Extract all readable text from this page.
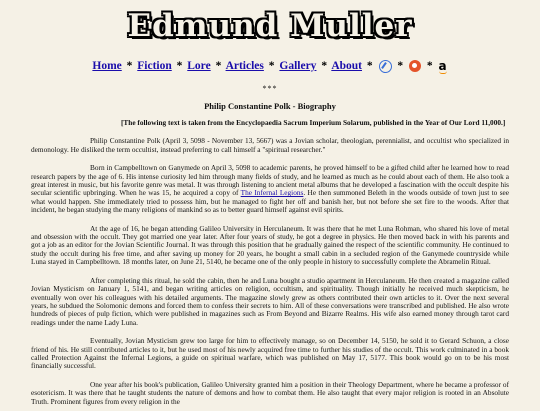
Edmund Muller
Home * Fiction * Lore * Articles * Gallery * About * * * a
***
Philip Constantine Polk - Biography
[The following text is taken from the Encyclopaedia Sacrum Imperium Solarum, published in the Year of Our Lord 11,000.]

Philip Constantine Polk (April 3, 5098 - November 13, 5667) was a Jovian scholar, theologian, perennialist, and occultist who specialized in demonology. He disliked the term occultist, instead preferring to call himself a "spiritual researcher."

Born in Campbelltown on Ganymede on April 3, 5098 to academic parents, he proved himself to be a gifted child after he learned how to read research papers by the age of 6. His intense curiosity led him through many fields of study, and he learned as much as he could about each of them. He also took a great interest in music, but his favorite genre was metal. It was through listening to ancient metal albums that he developed a fascination with the occult despite his secular scientific upbringing. When he was 15, he acquired a copy of The Infernal Legions. He then summoned Beleth in the woods outside of town just to see what would happen. She immediately tried to possess him, but he managed to fight her off and banish her, but not before she set fire to the woods. After that incident, he began studying the many religions of mankind so as to better guard himself against evil spirits.

At the age of 16, he began attending Galileo University in Herculaneum. It was there that he met Luna Rohman, who shared his love of metal and obsession with the occult. They got married one year later. After four years of study, he got a degree in physics. He then moved back in with his parents and got a job as an editor for the Jovian Scientific Journal. It was through this position that he gradually gained the respect of the scientific community. He continued to study the occult during his free time, and after saving up money for 20 years, he bought a small cabin in a secluded region of the Ganymede countryside while Luna stayed in Campbelltown. 18 months later, on June 21, 5140, he became one of the only people in history to successfully complete the Abramelin Ritual.

After completing this ritual, he sold the cabin, then he and Luna bought a studio apartment in Herculaneum. He then created a magazine called Jovian Mysticism on January 1, 5141, and began writing articles on religion, occultism, and spirituality. Though initially he received much skepticism, he eventually won over his colleagues with his detailed arguments. The magazine slowly grew as others contributed their own articles to it. Over the next several years, he subdued the Solomonic demons and forced them to confess their secrets to him. All of these conversations were transcribed and published. He also wrote hundreds of pieces of pulp fiction, which were published in magazines such as From Beyond and Bizarre Realms. His wife also earned money through tarot card readings under the name Lady Luna.

Eventually, Jovian Mysticism grew too large for him to effectively manage, so on December 14, 5150, he sold it to Gerard Schuon, a close friend of his. He still contributed articles to it, but he used most of his newly acquired free time to further his studies of the occult. This work culminated in a book called Protection Against the Infernal Legions, a guide on spiritual warfare, which was published on May 17, 5177. This book would go on to be his most financially successful.

One year after his book's publication, Galileo University granted him a position in their Theology Department, where he became a professor of esotericism. It was there that he taught students the nature of demons and how to combat them. He also taught that every major religion is rooted in an Absolute Truth. Prominent figures from every religion in the
